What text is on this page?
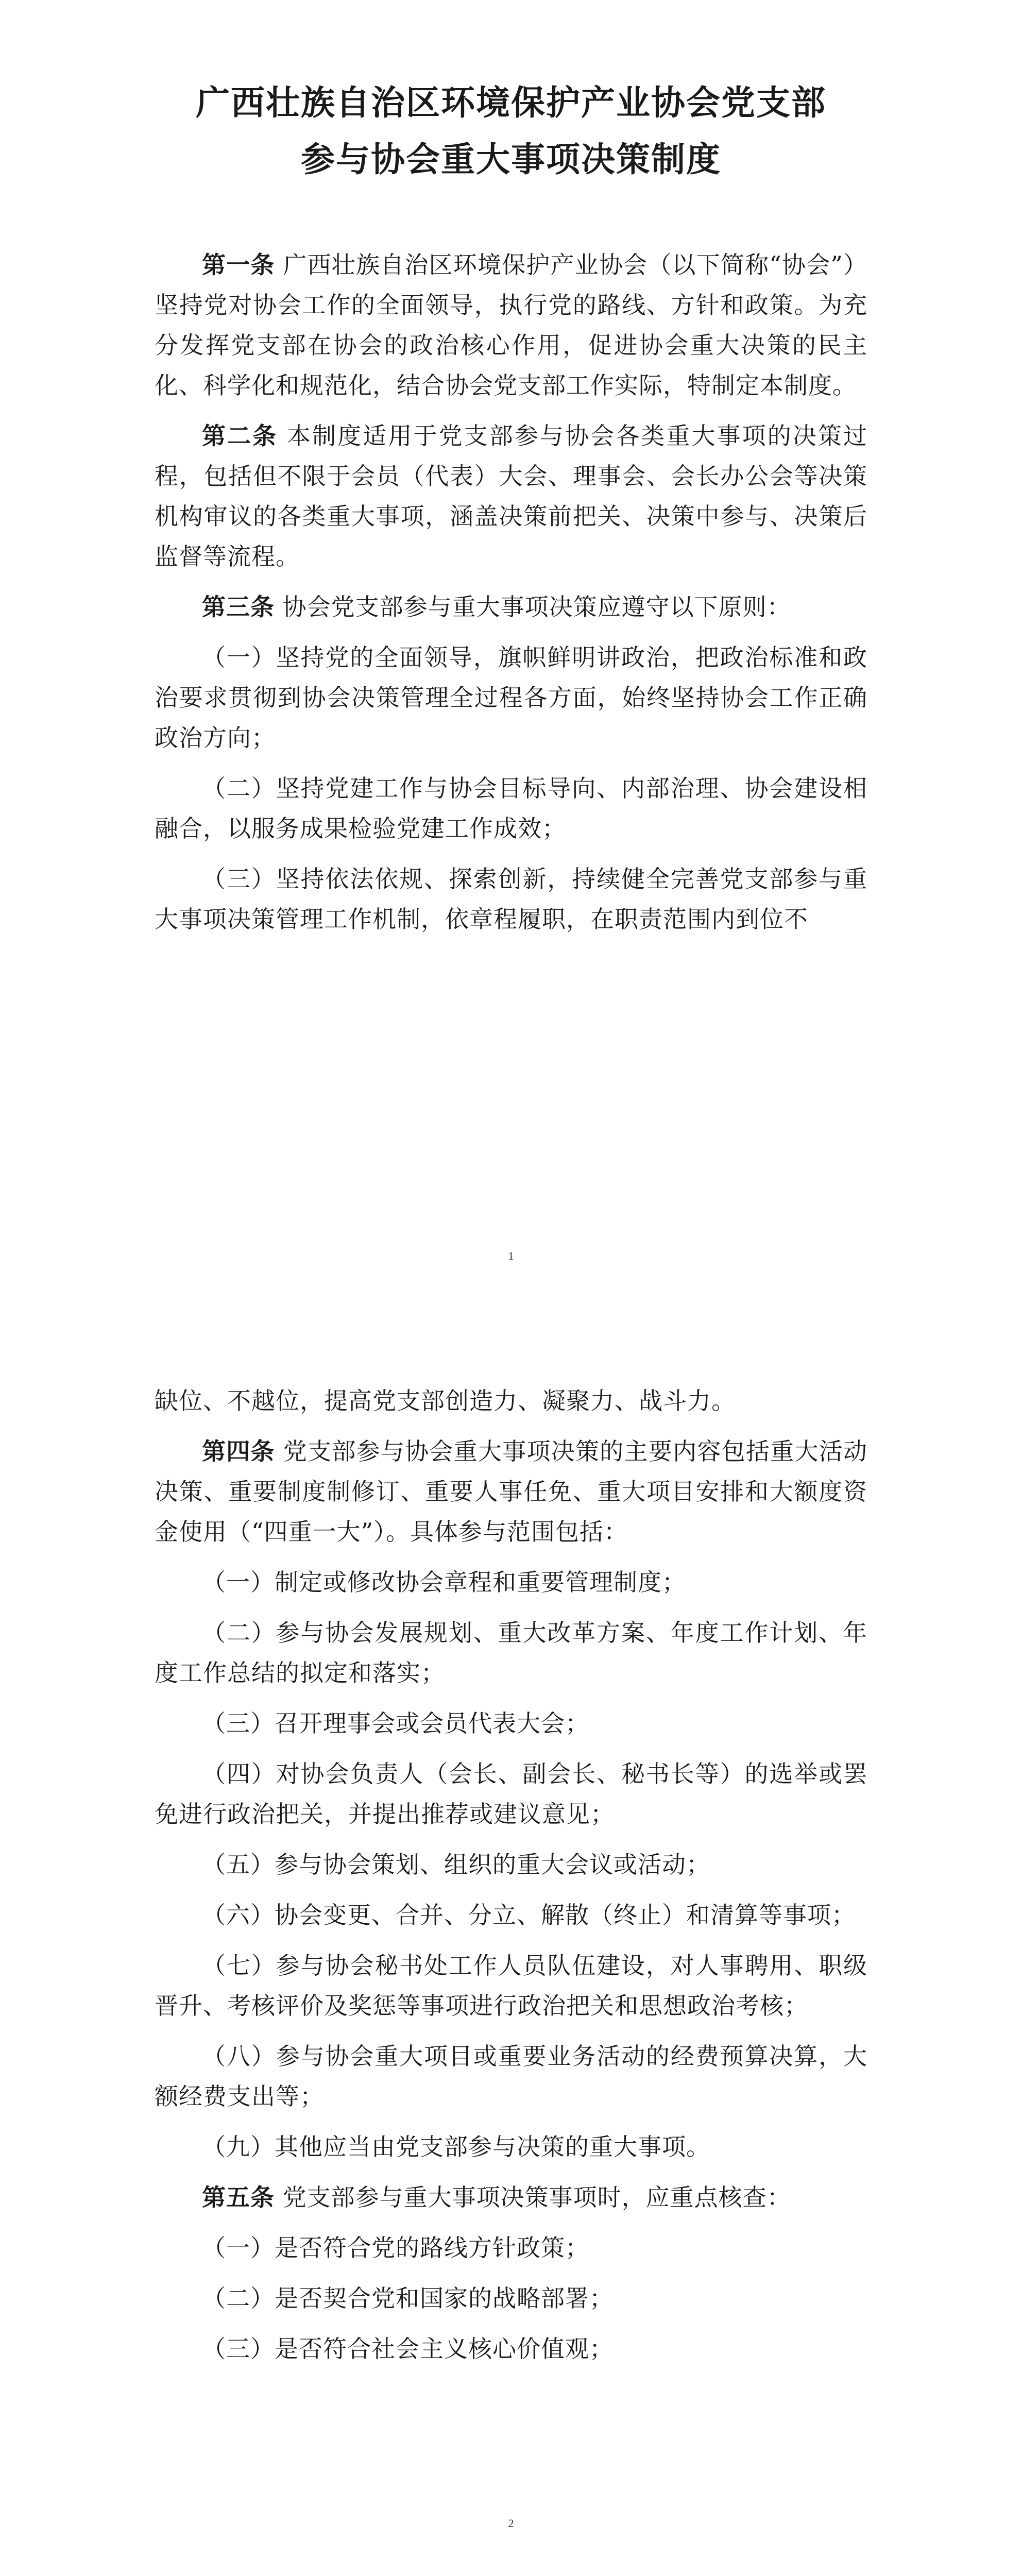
广西壮族自治区环境保护产业协会党支部
参与协会重大事项决策制度

第一条 广西壮族自治区环境保护产业协会（以下简称“协会”）坚持党对协会工作的全面领导，执行党的路线、方针和政策。为充分发挥党支部在协会的政治核心作用，促进协会重大决策的民主化、科学化和规范化，结合协会党支部工作实际，特制定本制度。

第二条 本制度适用于党支部参与协会各类重大事项的决策过程，包括但不限于会员（代表）大会、理事会、会长办公会等决策机构审议的各类重大事项，涵盖决策前把关、决策中参与、决策后监督等流程。

第三条 协会党支部参与重大事项决策应遵守以下原则：

（一）坚持党的全面领导，旗帜鲜明讲政治，把政治标准和政治要求贯彻到协会决策管理全过程各方面，始终坚持协会工作正确政治方向；

（二）坚持党建工作与协会目标导向、内部治理、协会建设相融合，以服务成果检验党建工作成效；

（三）坚持依法依规、探索创新，持续健全完善党支部参与重大事项决策管理工作机制，依章程履职，在职责范围内到位不

1

缺位、不越位，提高党支部创造力、凝聚力、战斗力。

第四条 党支部参与协会重大事项决策的主要内容包括重大活动决策、重要制度制修订、重要人事任免、重大项目安排和大额度资金使用（“四重一大”）。具体参与范围包括：

（一）制定或修改协会章程和重要管理制度；

（二）参与协会发展规划、重大改革方案、年度工作计划、年度工作总结的拟定和落实；

（三）召开理事会或会员代表大会；

（四）对协会负责人（会长、副会长、秘书长等）的选举或罢免进行政治把关，并提出推荐或建议意见；

（五）参与协会策划、组织的重大会议或活动；

（六）协会变更、合并、分立、解散（终止）和清算等事项；

（七）参与协会秘书处工作人员队伍建设，对人事聘用、职级晋升、考核评价及奖惩等事项进行政治把关和思想政治考核；

（八）参与协会重大项目或重要业务活动的经费预算决算，大额经费支出等；

（九）其他应当由党支部参与决策的重大事项。

第五条 党支部参与重大事项决策事项时，应重点核查：

（一）是否符合党的路线方针政策；

（二）是否契合党和国家的战略部署；

（三）是否符合社会主义核心价值观；

2
